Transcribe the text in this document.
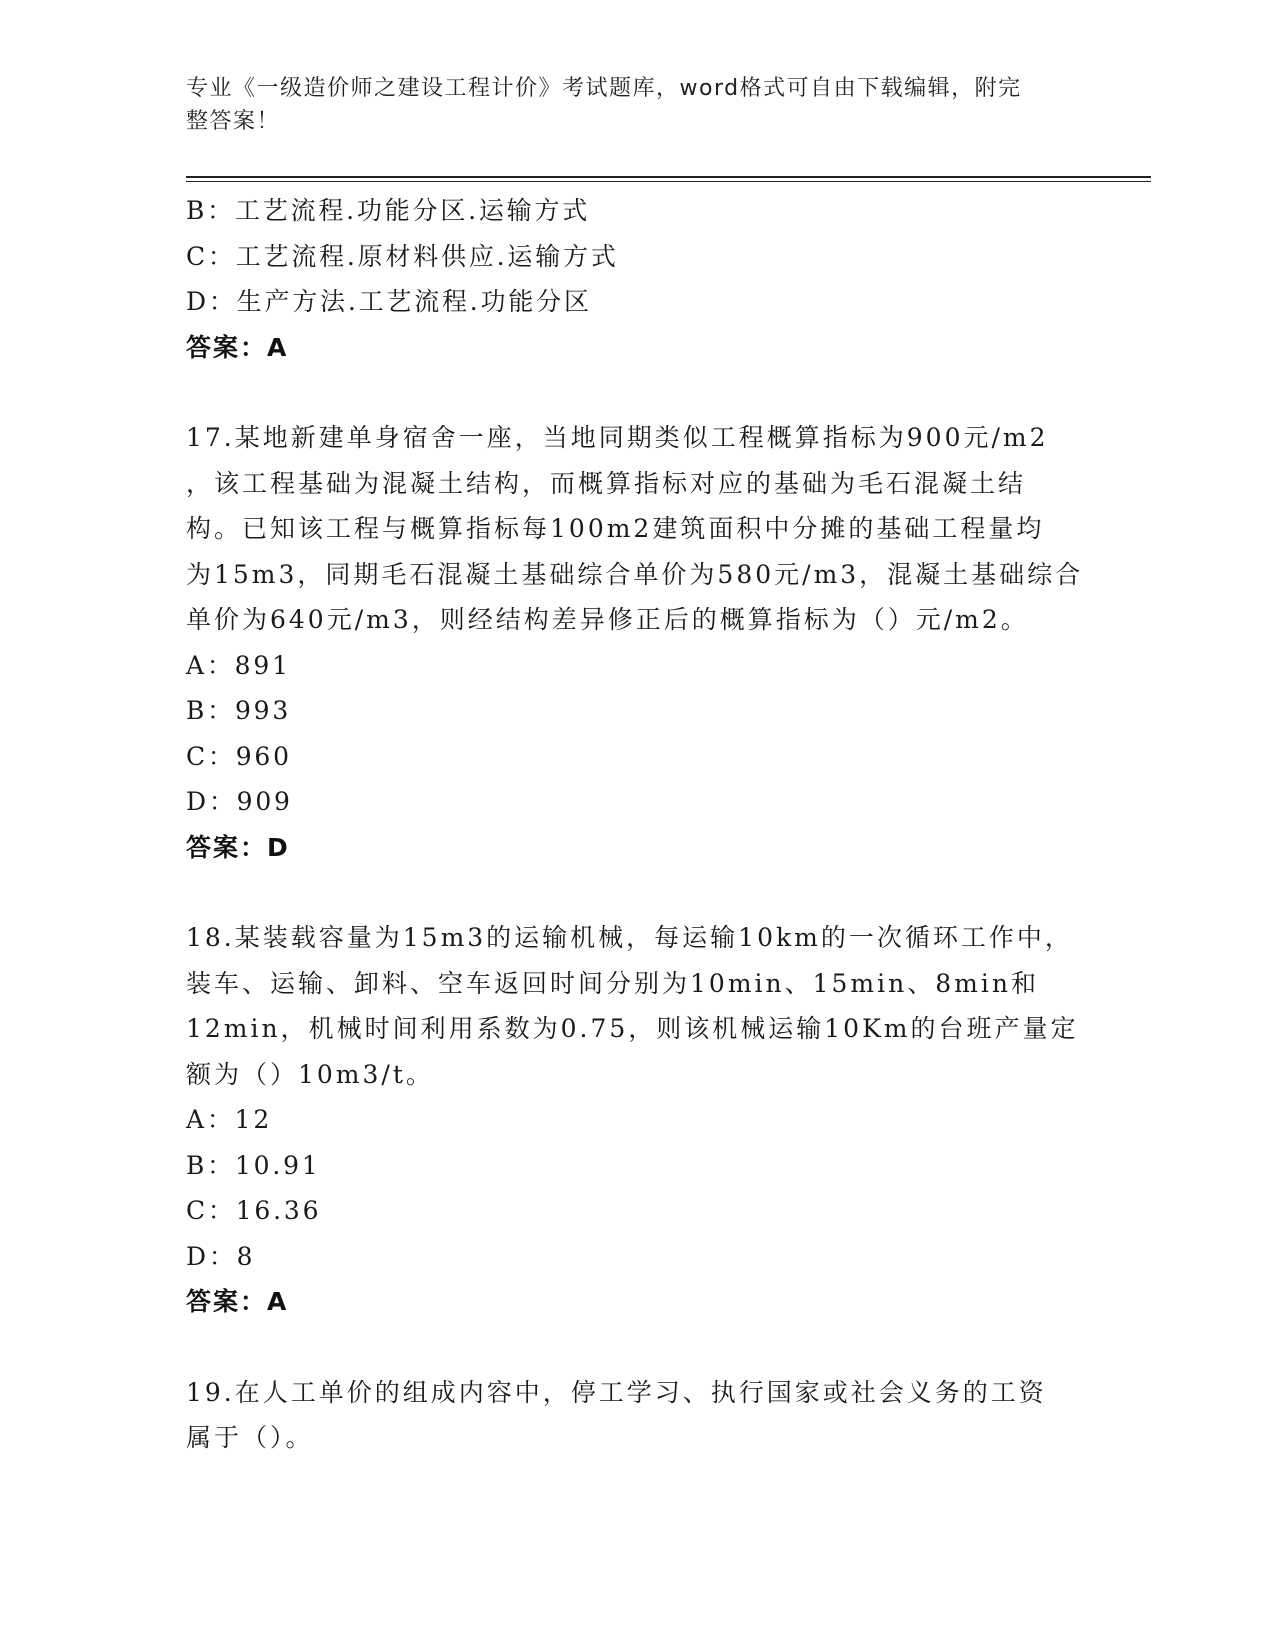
专业《一级造价师之建设工程计价》考试题库，word格式可自由下载编辑，附完
整答案！
B：工艺流程.功能分区.运输方式
C：工艺流程.原材料供应.运输方式
D：生产方法.工艺流程.功能分区
答案：A
17.某地新建单身宿舍一座，当地同期类似工程概算指标为900元/m2
，该工程基础为混凝土结构，而概算指标对应的基础为毛石混凝土结
构。已知该工程与概算指标每100m2建筑面积中分摊的基础工程量均
为15m3，同期毛石混凝土基础综合单价为580元/m3，混凝土基础综合
单价为640元/m3，则经结构差异修正后的概算指标为（）元/m2。
A：891
B：993
C：960
D：909
答案：D
18.某装载容量为15m3的运输机械，每运输10km的一次循环工作中，
装车、运输、卸料、空车返回时间分别为10min、15min、8min和
12min，机械时间利用系数为0.75，则该机械运输10Km的台班产量定
额为（）10m3/t。
A：12
B：10.91
C：16.36
D：8
答案：A
19.在人工单价的组成内容中，停工学习、执行国家或社会义务的工资
属于（）。
